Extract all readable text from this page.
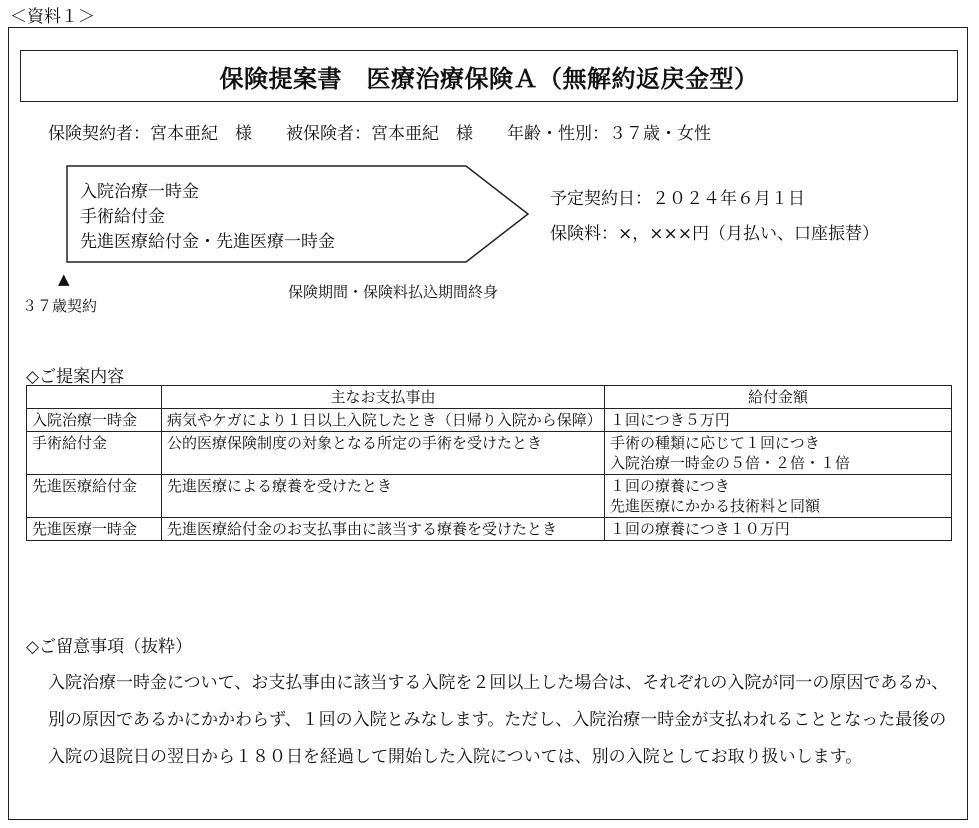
＜資料１＞
保険提案書　医療治療保険Ａ（無解約返戻金型）
保険契約者：宮本亜紀　様　　 被保険者：宮本亜紀　様　　 年齢・性別：３７歳・女性
入院治療一時金
手術給付金
先進医療給付金・先進医療一時金
予定契約日：２０２４年６月１日
保険料：×，×××円（月払い、口座振替）
▲
３７歳契約
保険期間・保険料払込期間終身
◇ご提案内容
	主なお支払事由	給付金額
入院治療一時金	病気やケガにより１日以上入院したとき（日帰り入院から保障）	１回につき５万円
手術給付金	公的医療保険制度の対象となる所定の手術を受けたとき	手術の種類に応じて１回につき
入院治療一時金の５倍・２倍・１倍
先進医療給付金	先進医療による療養を受けたとき	１回の療養につき
先進医療にかかる技術料と同額
先進医療一時金	先進医療給付金のお支払事由に該当する療養を受けたとき	１回の療養につき１０万円
◇ご留意事項（抜粋）
入院治療一時金について、お支払事由に該当する入院を２回以上した場合は、それぞれの入院が同一の原因であるか、別の原因であるかにかかわらず、１回の入院とみなします。ただし、入院治療一時金が支払われることとなった最後の入院の退院日の翌日から１８０日を経過して開始した入院については、別の入院としてお取り扱いします。
